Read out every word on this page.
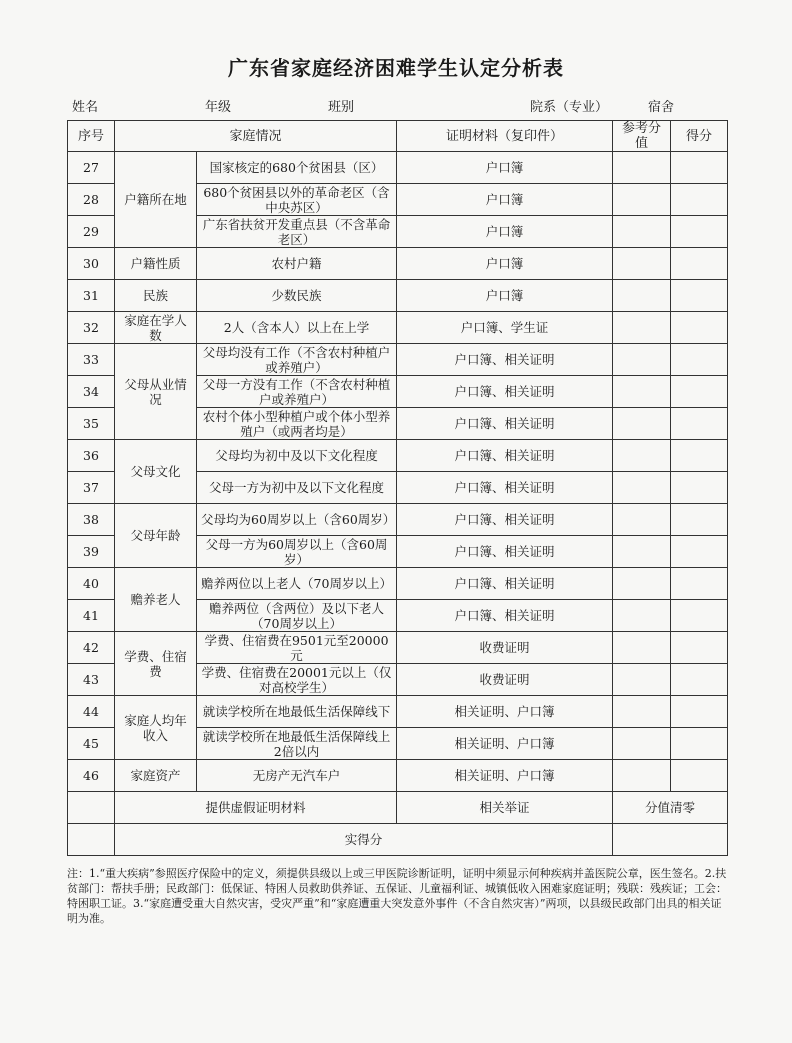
广东省家庭经济困难学生认定分析表
姓名	年级	班别	院系（专业）	宿舍
序号	家庭情况		证明材料（复印件）	参考分值	得分
27	户籍所在地	国家核定的680个贫困县（区）	户口簿		
28		680个贫困县以外的革命老区（含中央苏区）	户口簿		
29		广东省扶贫开发重点县（不含革命老区）	户口簿		
30	户籍性质	农村户籍	户口簿		
31	民族	少数民族	户口簿		
32	家庭在学人数	2人（含本人）以上在上学	户口簿、学生证		
33	父母从业情况	父母均没有工作（不含农村种植户或养殖户）	户口簿、相关证明		
34		父母一方没有工作（不含农村种植户或养殖户）	户口簿、相关证明		
35		农村个体小型种植户或个体小型养殖户（或两者均是）	户口簿、相关证明		
36	父母文化	父母均为初中及以下文化程度	户口簿、相关证明		
37		父母一方为初中及以下文化程度	户口簿、相关证明		
38	父母年龄	父母均为60周岁以上（含60周岁）	户口簿、相关证明		
39		父母一方为60周岁以上（含60周岁）	户口簿、相关证明		
40	赡养老人	赡养两位以上老人（70周岁以上）	户口簿、相关证明		
41		赡养两位（含两位）及以下老人（70周岁以上）	户口簿、相关证明		
42	学费、住宿费	学费、住宿费在9501元至20000元	收费证明		
43		学费、住宿费在20001元以上（仅对高校学生）	收费证明		
44	家庭人均年收入	就读学校所在地最低生活保障线下	相关证明、户口簿		
45		就读学校所在地最低生活保障线上2倍以内	相关证明、户口簿		
46	家庭资产	无房产无汽车户	相关证明、户口簿		
	提供虚假证明材料		相关举证	分值清零	
	实得分				
注：1.“重大疾病”参照医疗保险中的定义，须提供县级以上或三甲医院诊断证明，证明中须显示何种疾病并盖医院公章，医生签名。2.扶贫部门：帮扶手册；民政部门：低保证、特困人员救助供养证、五保证、儿童福利证、城镇低收入困难家庭证明；残联：残疾证；工会：特困职工证。3.“家庭遭受重大自然灾害，受灾严重”和“家庭遭重大突发意外事件（不含自然灾害）”两项，以县级民政部门出具的相关证明为准。
